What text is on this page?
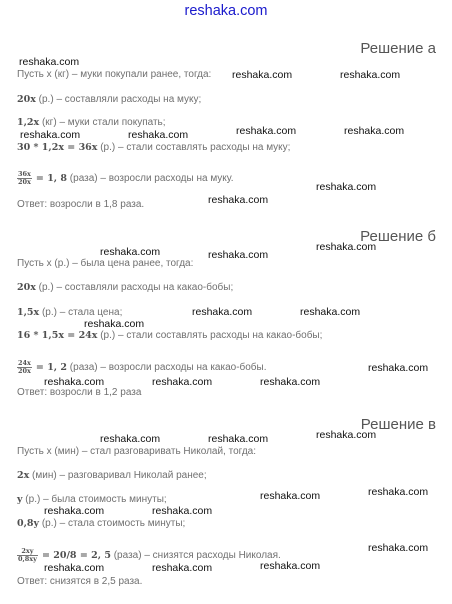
reshaka.com
Решение а
Пусть x (кг) – муки покупали ранее, тогда:
20x (р.) – составляли расходы на муку;
1,2x (кг) – муки стали покупать;
30 * 1,2x = 36x (р.) – стали составлять расходы на муку;
$\frac{36x}{20x} = 1$, 8 (раза) – возросли расходы на муку.
Ответ: возросли в 1,8 раза.
Решение б
Пусть x (р.) – была цена ранее, тогда:
20x (р.) – составляли расходы на какао-бобы;
1,5x (р.) – стала цена;
16 * 1,5x = 24x (р.) – стали составлять расходы на какао-бобы;
$\frac{24x}{20x} = 1$, 2 (раза) – возросли расходы на какао-бобы.
Ответ: возросли в 1,2 раза
Решение в
Пусть x (мин) – стал разговаривать Николай, тогда:
2x (мин) – разговаривал Николай ранее;
y (р.) – была стоимость минуты;
0,8y (р.) – стала стоимость минуты;
$\frac{2xy}{0,8xy} = 20/8 = 2$, 5 (раза) – снизятся расходы Николая.
Ответ: снизятся в 2,5 раза.
reshaka.com
reshaka.com	reshaka.com
reshaka.com	reshaka.com	reshaka.com	reshaka.com
reshaka.com
reshaka.com
reshaka.com
reshaka.com	reshaka.com
reshaka.com	reshaka.com
reshaka.com
reshaka.com
reshaka.com	reshaka.com	reshaka.com
reshaka.com	reshaka.com	reshaka.com
reshaka.com
reshaka.com
reshaka.com	reshaka.com
reshaka.com
reshaka.com
reshaka.com	reshaka.com
